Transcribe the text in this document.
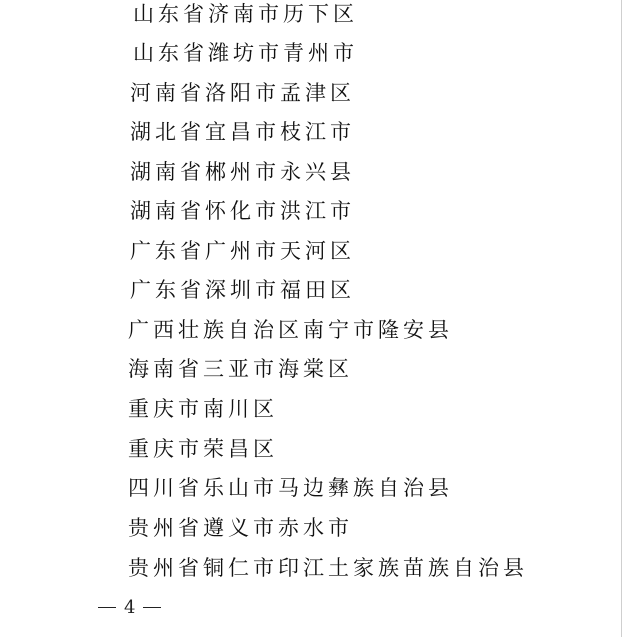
山东省济南市历下区
山东省潍坊市青州市
河南省洛阳市孟津区
湖北省宜昌市枝江市
湖南省郴州市永兴县
湖南省怀化市洪江市
广东省广州市天河区
广东省深圳市福田区
广西壮族自治区南宁市隆安县
海南省三亚市海棠区
重庆市南川区
重庆市荣昌区
四川省乐山市马边彝族自治县
贵州省遵义市赤水市
贵州省铜仁市印江土家族苗族自治县
4
